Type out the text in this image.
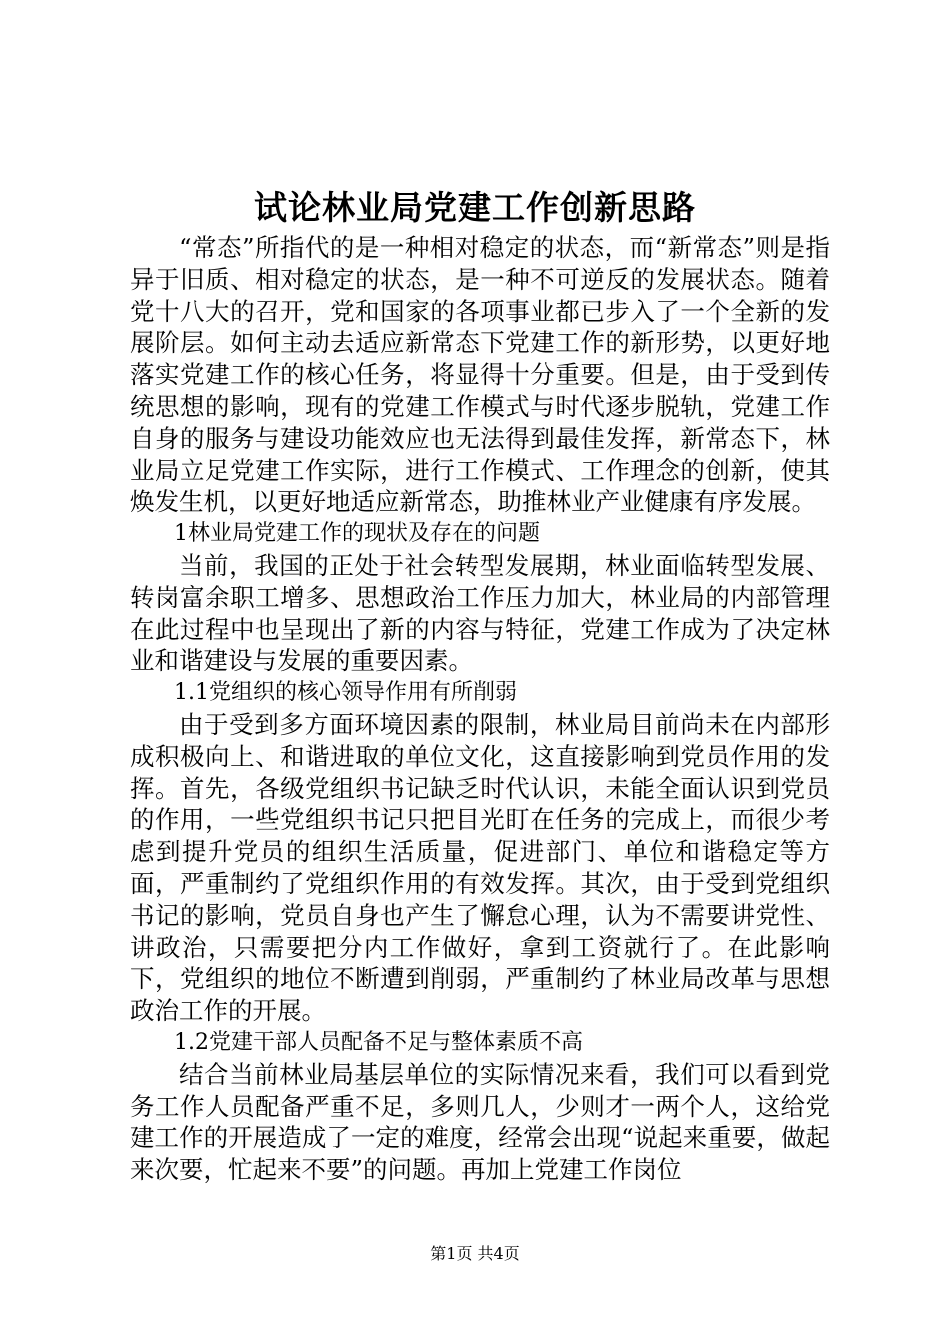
试论林业局党建工作创新思路

“常态”所指代的是一种相对稳定的状态，而“新常态”则是指异于旧质、相对稳定的状态，是一种不可逆反的发展状态。随着党十八大的召开，党和国家的各项事业都已步入了一个全新的发展阶层。如何主动去适应新常态下党建工作的新形势，以更好地落实党建工作的核心任务，将显得十分重要。但是，由于受到传统思想的影响，现有的党建工作模式与时代逐步脱轨，党建工作自身的服务与建设功能效应也无法得到最佳发挥，新常态下，林业局立足党建工作实际，进行工作模式、工作理念的创新，使其焕发生机，以更好地适应新常态，助推林业产业健康有序发展。

1林业局党建工作的现状及存在的问题

当前，我国的正处于社会转型发展期，林业面临转型发展、转岗富余职工增多、思想政治工作压力加大，林业局的内部管理在此过程中也呈现出了新的内容与特征，党建工作成为了决定林业和谐建设与发展的重要因素。

1.1党组织的核心领导作用有所削弱

由于受到多方面环境因素的限制，林业局目前尚未在内部形成积极向上、和谐进取的单位文化，这直接影响到党员作用的发挥。首先，各级党组织书记缺乏时代认识，未能全面认识到党员的作用，一些党组织书记只把目光盯在任务的完成上，而很少考虑到提升党员的组织生活质量，促进部门、单位和谐稳定等方面，严重制约了党组织作用的有效发挥。其次，由于受到党组织书记的影响，党员自身也产生了懈怠心理，认为不需要讲党性、讲政治，只需要把分内工作做好，拿到工资就行了。在此影响下，党组织的地位不断遭到削弱，严重制约了林业局改革与思想政治工作的开展。

1.2党建干部人员配备不足与整体素质不高

结合当前林业局基层单位的实际情况来看，我们可以看到党务工作人员配备严重不足，多则几人，少则才一两个人，这给党建工作的开展造成了一定的难度，经常会出现“说起来重要，做起来次要，忙起来不要”的问题。再加上党建工作岗位

第1页 共4页
